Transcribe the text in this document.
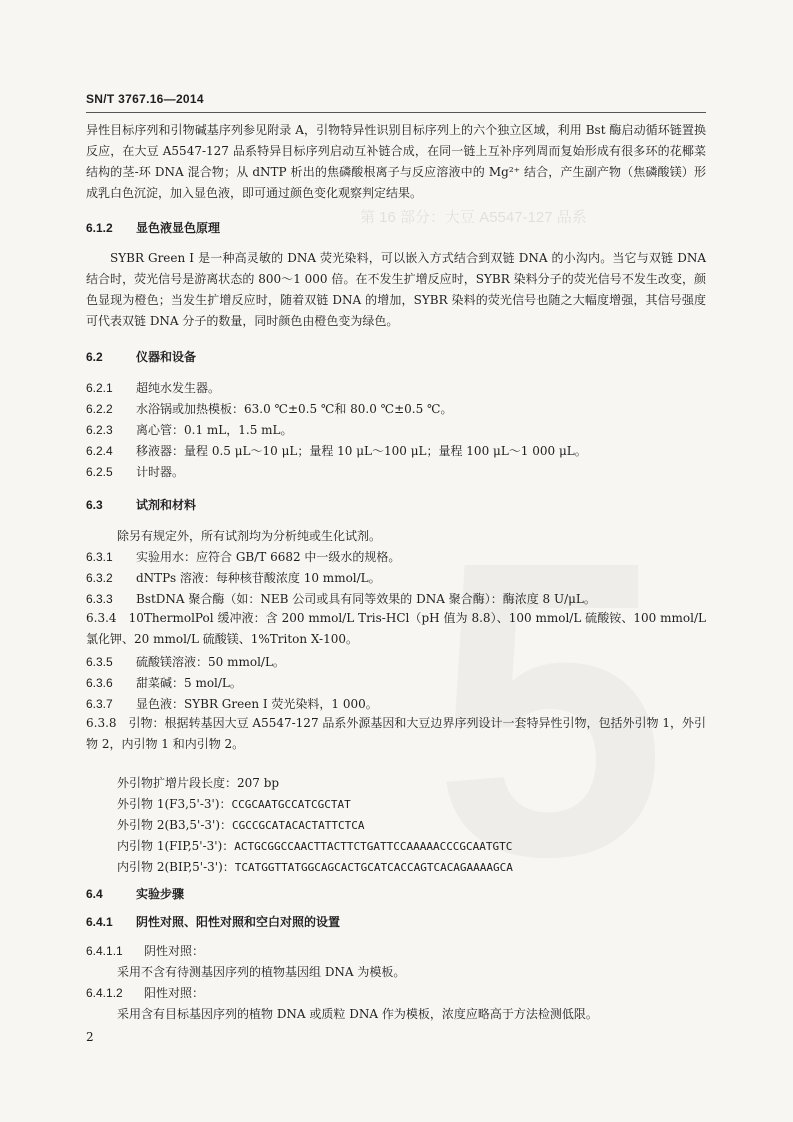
第 16 部分：大豆 A5547-127 品系
SN/T 3767.16—2014

异性目标序列和引物碱基序列参见附录 A，引物特异性识别目标序列上的六个独立区域，利用 Bst 酶启动循环链置换反应，在大豆 A5547-127 品系特异目标序列启动互补链合成，在同一链上互补序列周而复始形成有很多环的花椰菜结构的茎-环 DNA 混合物；从 dNTP 析出的焦磷酸根离子与反应溶液中的 Mg²⁺ 结合，产生副产物（焦磷酸镁）形成乳白色沉淀，加入显色液，即可通过颜色变化观察判定结果。

6.1.2 显色液显色原理

SYBR Green Ⅰ 是一种高灵敏的 DNA 荧光染料，可以嵌入方式结合到双链 DNA 的小沟内。当它与双链 DNA 结合时，荧光信号是游离状态的 800～1 000 倍。在不发生扩增反应时，SYBR 染料分子的荧光信号不发生改变，颜色显现为橙色；当发生扩增反应时，随着双链 DNA 的增加，SYBR 染料的荧光信号也随之大幅度增强，其信号强度可代表双链 DNA 分子的数量，同时颜色由橙色变为绿色。

6.2	仪器和设备
6.2.1 超纯水发生器。
6.2.2 水浴锅或加热模板：63.0 ℃±0.5 ℃和 80.0 ℃±0.5 ℃。
6.2.3 离心管：0.1 mL，1.5 mL。
6.2.4 移液器：量程 0.5 μL～10 μL；量程 10 μL～100 μL；量程 100 μL～1 000 μL。
6.2.5 计时器。
6.3	试剂和材料
除另有规定外，所有试剂均为分析纯或生化试剂。
6.3.1 实验用水：应符合 GB/T 6682 中一级水的规格。
6.3.2 dNTPs 溶液：每种核苷酸浓度 10 mmol/L。
6.3.3 BstDNA 聚合酶（如：NEB 公司或具有同等效果的 DNA 聚合酶）：酶浓度 8 U/μL。

6.3.4　10ThermolPol 缓冲液：含 200 mmol/L Tris-HCl（pH 值为 8.8）、100 mmol/L 硫酸铵、100 mmol/L 氯化钾、20 mmol/L 硫酸镁、1%Triton X-100。

6.3.5 硫酸镁溶液：50 mmol/L。
6.3.6 甜菜碱：5 mol/L。
6.3.7 显色液：SYBR Green Ⅰ 荧光染料，1 000。

6.3.8　引物：根据转基因大豆 A5547-127 品系外源基因和大豆边界序列设计一套特异性引物，包括外引物 1，外引物 2，内引物 1 和内引物 2。

外引物扩增片段长度：207 bp
外引物 1(F3,5'-3')：CCGCAATGCCATCGCTAT
外引物 2(B3,5'-3')：CGCCGCATACACTATTCTCA
内引物 1(FIP,5'-3')：ACTGCGGCCAACTTACTTCTGATTCCAAAAACCCGCAATGTC
内引物 2(BIP,5'-3')：TCATGGTTATGGCAGCACTGCATCACCAGTCACAGAAAAGCA
6.4	实验步骤
6.4.1 阴性对照、阳性对照和空白对照的设置
6.4.1.1 阴性对照：
采用不含有待测基因序列的植物基因组 DNA 为模板。
6.4.1.2 阳性对照：
采用含有目标基因序列的植物 DNA 或质粒 DNA 作为模板，浓度应略高于方法检测低限。
2
